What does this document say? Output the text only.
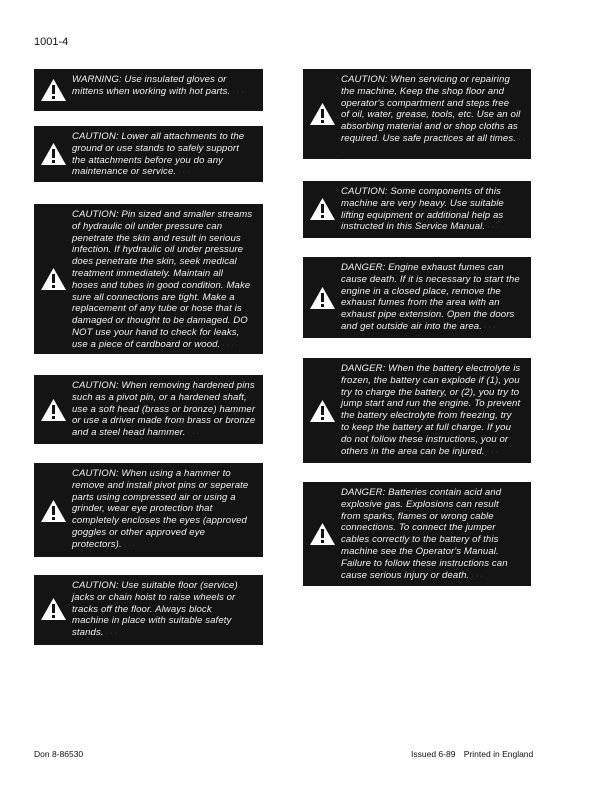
1001-4
WARNING: Use insulated gloves or
mittens when working with hot parts. · · ·
CAUTION: Lower all attachments to the
ground or use stands to safely support
the attachments before you do any
maintenance or service. · · ·
CAUTION: Pin sized and smaller streams
of hydraulic oil under pressure can
penetrate the skin and result in serious
infection. If hydraulic oil under pressure
does penetrate the skin, seek medical
treatment immediately. Maintain all
hoses and tubes in good condition. Make
sure all connections are tight. Make a
replacement of any tube or hose that is
damaged or thought to be damaged. DO
NOT use your hand to check for leaks,
use a piece of cardboard or wood. · · ·
CAUTION: When removing hardened pins
such as a pivot pin, or a hardened shaft,
use a soft head (brass or bronze) hammer
or use a driver made from brass or bronze
and a steel head hammer. · · ·
CAUTION: When using a hammer to
remove and install pivot pins or seperate
parts using compressed air or using a
grinder, wear eye protection that
completely encloses the eyes (approved
goggles or other approved eye
protectors). · · ·
CAUTION: Use suitable floor (service)
jacks or chain hoist to raise wheels or
tracks off the floor. Always block
machine in place with suitable safety
stands. · · ·
CAUTION: When servicing or repairing
the machine, Keep the shop floor and
operator's compartment and steps free
of oil, water, grease, tools, etc. Use an oil
absorbing material and or shop cloths as
required. Use safe practices at all times. · · ·
CAUTION: Some components of this
machine are very heavy. Use suitable
lifting equipment or additional help as
instructed in this Service Manual. · · ·
DANGER: Engine exhaust fumes can
cause death. If it is necessary to start the
engine in a closed place, remove the
exhaust fumes from the area with an
exhaust pipe extension. Open the doors
and get outside air into the area. · · ·
DANGER: When the battery electrolyte is
frozen, the battery can explode if (1), you
try to charge the battery, or (2), you try to
jump start and run the engine. To prevent
the battery electrolyte from freezing, try
to keep the battery at full charge. If you
do not follow these instructions, you or
others in the area can be injured. · · ·
DANGER: Batteries contain acid and
explosive gas. Explosions can result
from sparks, flames or wrong cable
connections. To connect the jumper
cables correctly to the battery of this
machine see the Operator's Manual.
Failure to follow these instructions can
cause serious injury or death. · · ·
Don 8-86530	Issued 6-89 Printed in England
